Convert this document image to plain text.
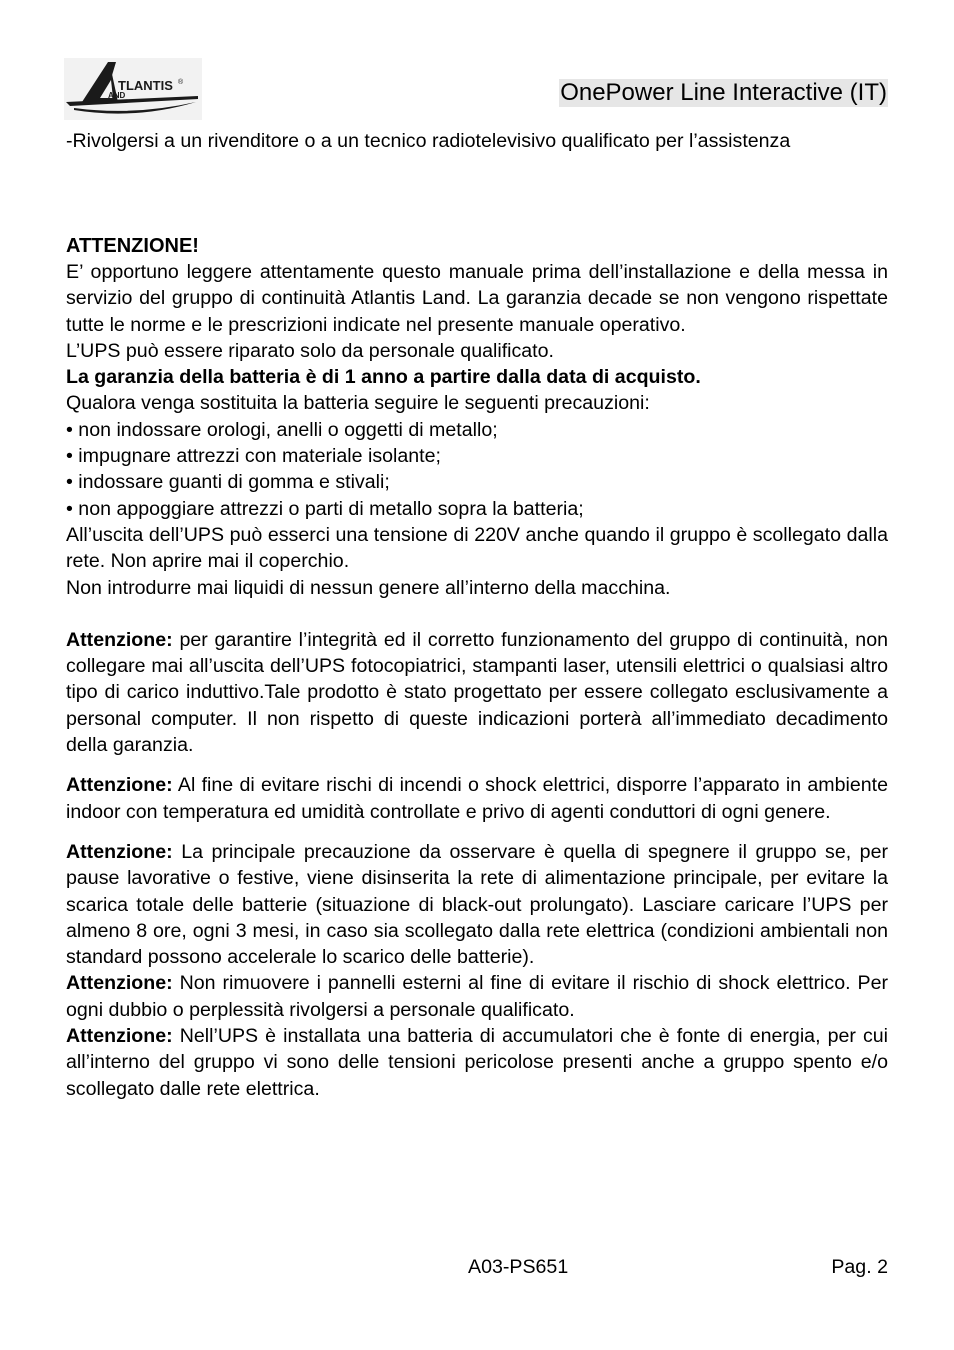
TLANTIS
AND
®	OnePower Line Interactive (IT)

-Rivolgersi a un rivenditore o a un tecnico radiotelevisivo qualificato per l’assistenza

ATTENZIONE!

E’ opportuno leggere attentamente questo manuale prima dell’installazione e della messa in servizio del gruppo di continuità Atlantis Land. La garanzia decade se non vengono rispettate tutte le norme e le prescrizioni indicate nel presente manuale operativo.

L’UPS può essere riparato solo da personale qualificato.

La garanzia della batteria è di 1 anno a partire dalla data di acquisto.

Qualora venga sostituita la batteria seguire le seguenti precauzioni:

• non indossare orologi, anelli o oggetti di metallo;

• impugnare attrezzi con materiale isolante;

• indossare guanti di gomma e stivali;

• non appoggiare attrezzi o parti di metallo sopra la batteria;

All’uscita dell’UPS può esserci una tensione di 220V anche quando il gruppo è scollegato dalla rete. Non aprire mai il coperchio.

Non introdurre mai liquidi di nessun genere all’interno della macchina.

Attenzione: per garantire l’integrità ed il corretto funzionamento del gruppo di continuità, non collegare mai all’uscita dell’UPS fotocopiatrici, stampanti laser, utensili elettrici o qualsiasi altro tipo di carico induttivo.Tale prodotto è stato progettato per essere collegato esclusivamente a personal computer. Il non rispetto di queste indicazioni porterà all’immediato decadimento della garanzia.

Attenzione: Al fine di evitare rischi di incendi o shock elettrici, disporre l’apparato in ambiente indoor con temperatura ed umidità controllate e privo di agenti conduttori di ogni genere.

Attenzione: La principale precauzione da osservare è quella di spegnere il gruppo se, per pause lavorative o festive, viene disinserita la rete di alimentazione principale, per evitare la scarica totale delle batterie (situazione di black-out prolungato). Lasciare caricare l’UPS per almeno 8 ore, ogni 3 mesi, in caso sia scollegato dalla rete elettrica (condizioni ambientali non standard possono accelerale lo scarico delle batterie).

Attenzione: Non rimuovere i pannelli esterni al fine di evitare il rischio di shock elettrico. Per ogni dubbio o perplessità rivolgersi a personale qualificato.

Attenzione: Nell’UPS è installata una batteria di accumulatori che è fonte di energia, per cui all’interno del gruppo vi sono delle tensioni pericolose presenti anche a gruppo spento e/o scollegato dalle rete elettrica.

A03-PS651	Pag. 2
